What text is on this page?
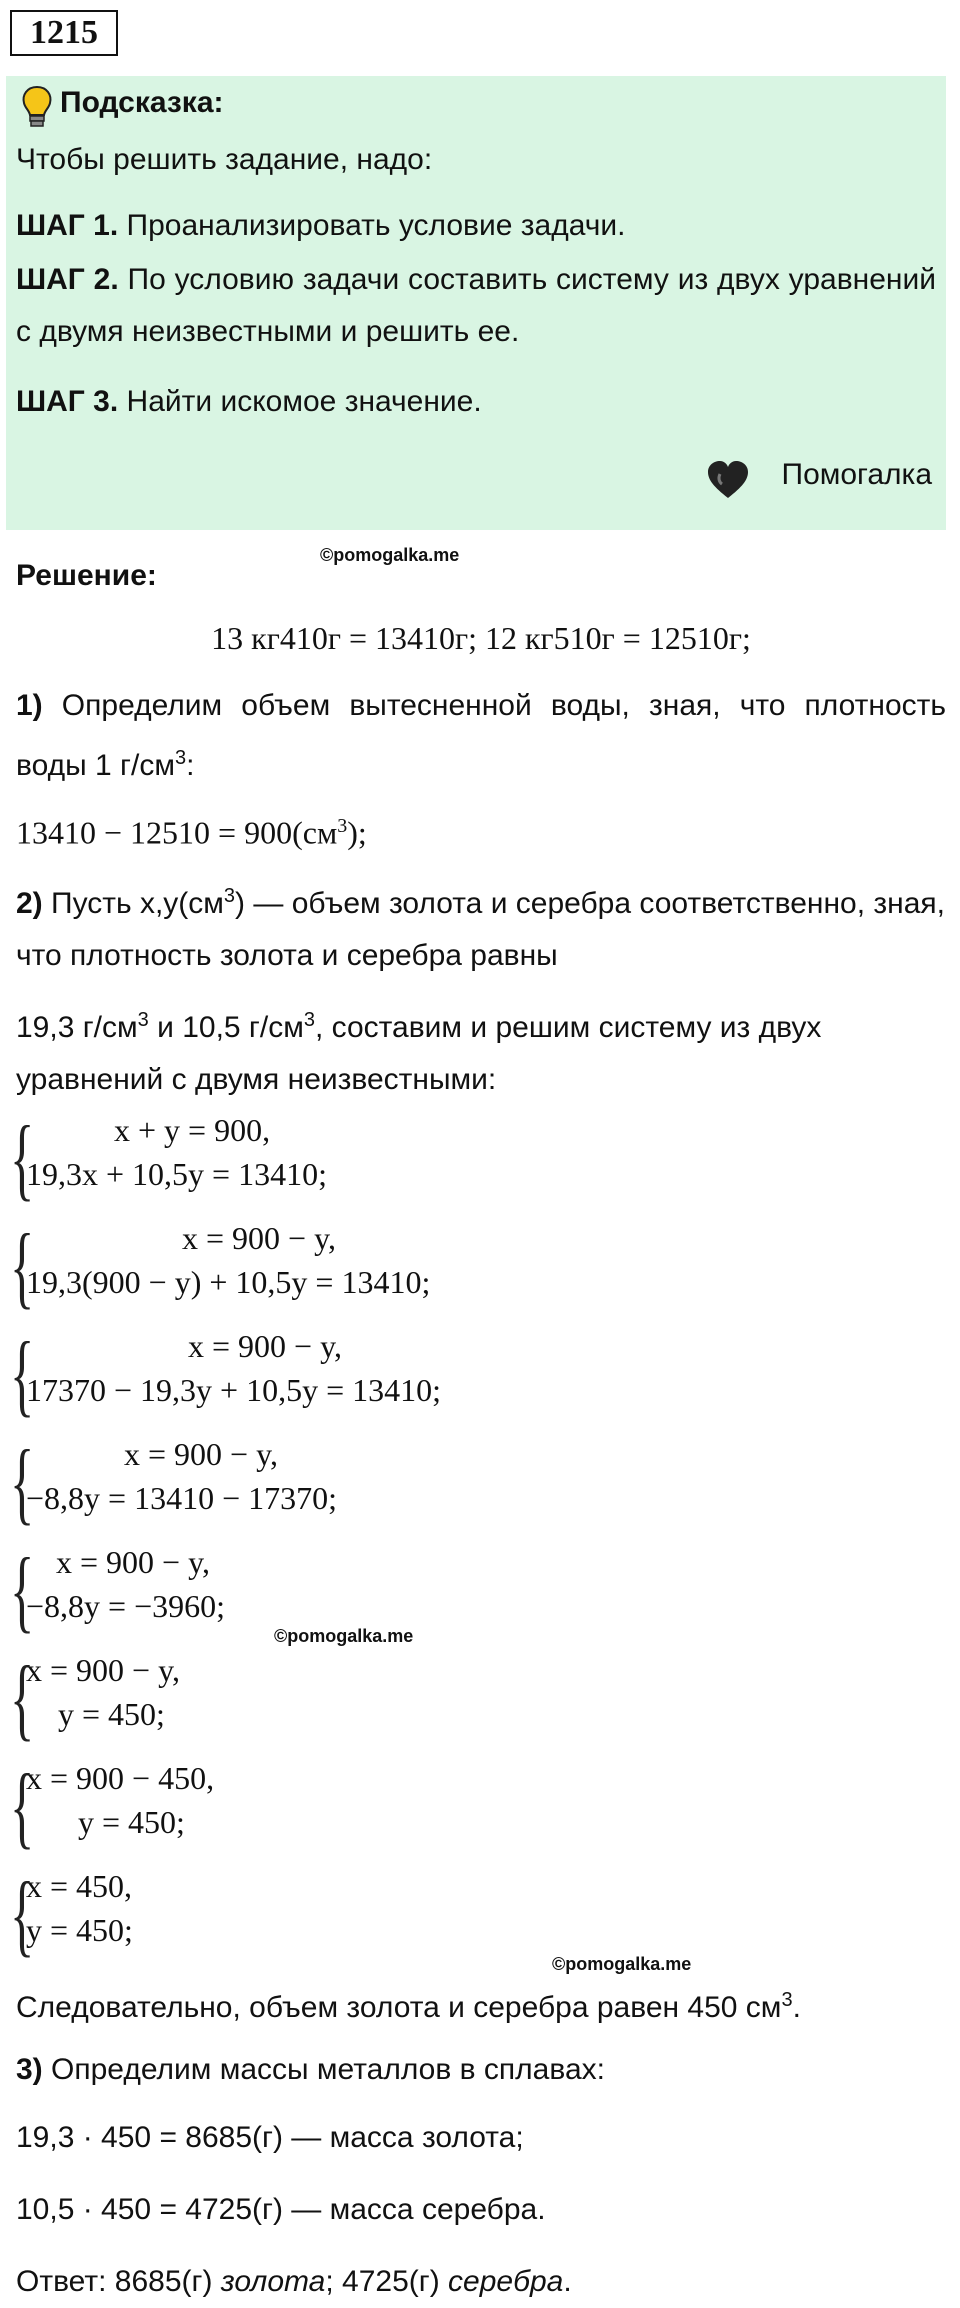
1215
Подсказка:

Чтобы решить задание, надо:

ШАГ 1. Проанализировать условие задачи.

ШАГ 2. По условию задачи составить систему из двух уравнений с двумя неизвестными и решить ее.

ШАГ 3. Найти искомое значение.

Помогалка
©pomogalka.me
Решение:
13 кг410г = 13410г; 12 кг510г = 12510г;

1) Определим объем вытесненной воды, зная, что плотность воды 1 $г/см^3$:

$13410 - 12510 = 900(см^3)$;

2) Пусть $x,y(см^3)$ — объем золота и серебра соответственно, зная, что плотность золота и серебра равны

19,3 $г/см^3$ и 10,5 $г/см^3$, составим и решим систему из двух уравнений с двумя неизвестными:

{ x + y = 900,
19,3x + 10,5y = 13410;
{	x = 900 − y,
19,3(900 − y) + 10,5y = 13410;
{	x = 900 − y,
17370 − 19,3y + 10,5y = 13410;
{	x = 900 − y,
−8,8y = 13410 − 17370;
{ x = 900 − y,
−8,8y = −3960;
©pomogalka.me
{
x = 900 − y,
y = 450;
{
x = 900 − 450,
y = 450;
{
x = 450,
y = 450;
©pomogalka.me

Следовательно, объем золота и серебра равен 450 $см^3$.

3) Определим массы металлов в сплавах:

19,3 · 450 = 8685(г) — масса золота;
10,5 · 450 = 4725(г) — масса серебра.

Ответ: 8685(г) золота; 4725(г) серебра.
